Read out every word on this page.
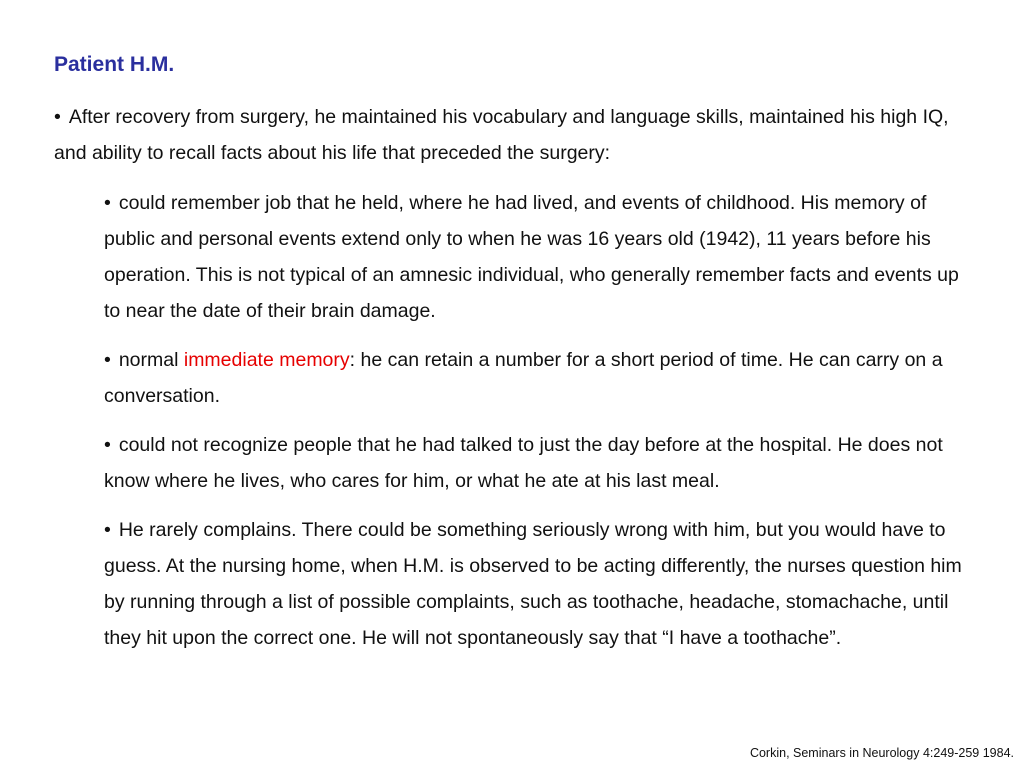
Patient H.M.
• After recovery from surgery, he maintained his vocabulary and language skills, maintained his high IQ, and ability to recall facts about his life that preceded the surgery:
• could remember job that he held, where he had lived, and events of childhood. His memory of public and personal events extend only to when he was 16 years old (1942), 11 years before his operation. This is not typical of an amnesic individual, who generally remember facts and events up to near the date of their brain damage.
• normal immediate memory: he can retain a number for a short period of time. He can carry on a conversation.
• could not recognize people that he had talked to just the day before at the hospital. He does not know where he lives, who cares for him, or what he ate at his last meal.
• He rarely complains. There could be something seriously wrong with him, but you would have to guess. At the nursing home, when H.M. is observed to be acting differently, the nurses question him by running through a list of possible complaints, such as toothache, headache, stomachache, until they hit upon the correct one. He will not spontaneously say that “I have a toothache”.
Corkin, Seminars in Neurology 4:249-259 1984.
